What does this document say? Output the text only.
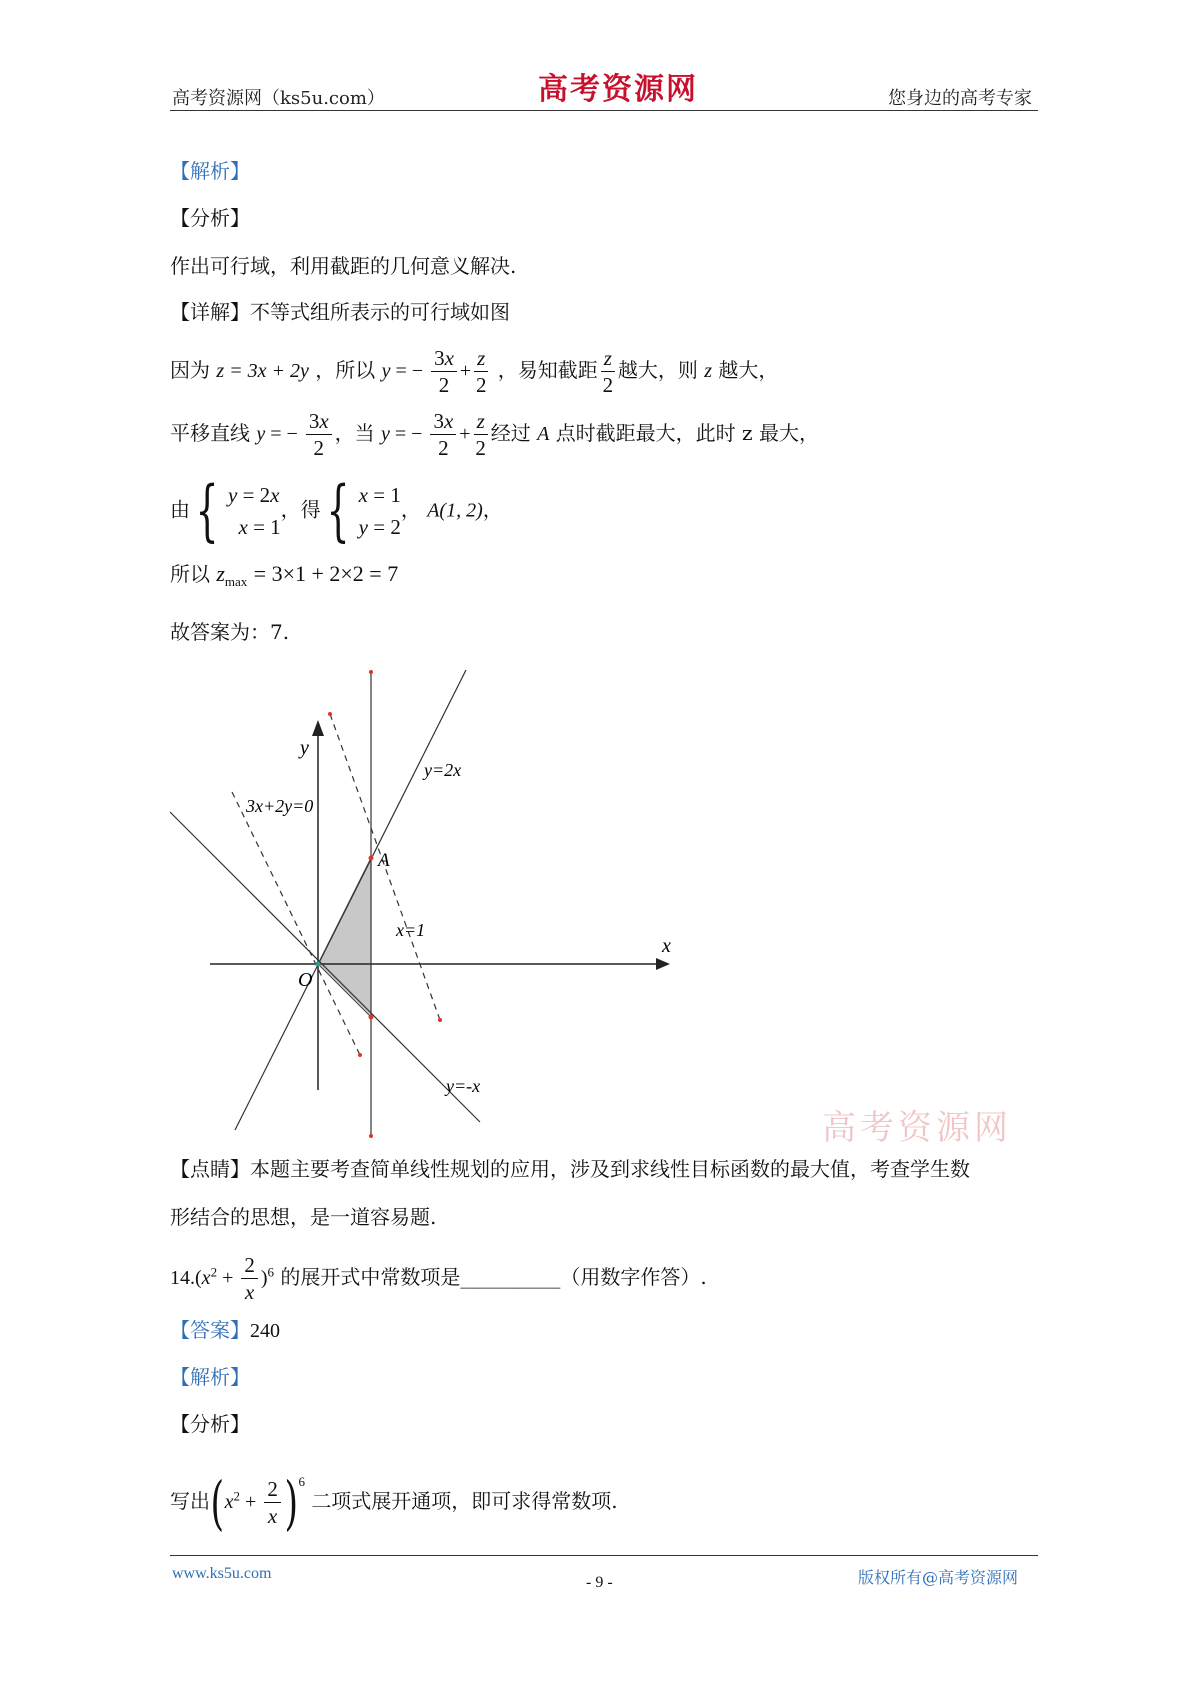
高考资源网（ks5u.com）	高考资源网	您身边的高考专家
【解析】
【分析】
作出可行域，利用截距的几何意义解决.
【详解】不等式组所表示的可行域如图
因为 z = 3x + 2y ，所以 y = − $\frac{3x}{2} + \frac{z}{2}$ ，易知截距 $\frac{z}{2}$ 越大，则 z 越大，
平移直线 y = − $\frac{3x}{2}$ ，当 y = − $\frac{3x}{2} + \frac{z}{2}$ 经过 A 点时截距最大，此时 z 最大，
由{ y = 2x
x = 1
，得{ x = 1
y = 2
， A(1, 2)，
所以 $z_{max} = 3\times 1 + 2\times 2 = 7$
故答案为：7.
y
x
O
A
y=2x
3x+2y=0
x=1
y=-x
高考资源网
【点睛】本题主要考查简单线性规划的应用，涉及到求线性目标函数的最大值，考查学生数
形结合的思想，是一道容易题.
$14.(x^2 + \frac{2}{x} )^6$ 的展开式中常数项是__________（用数字作答）.
【答案】240
【解析】
【分析】
写出$(x^2 + \frac{2}{x} )^6$ 二项式展开通项，即可求得常数项.
www.ks5u.com
- 9 -	版权所有@高考资源网
